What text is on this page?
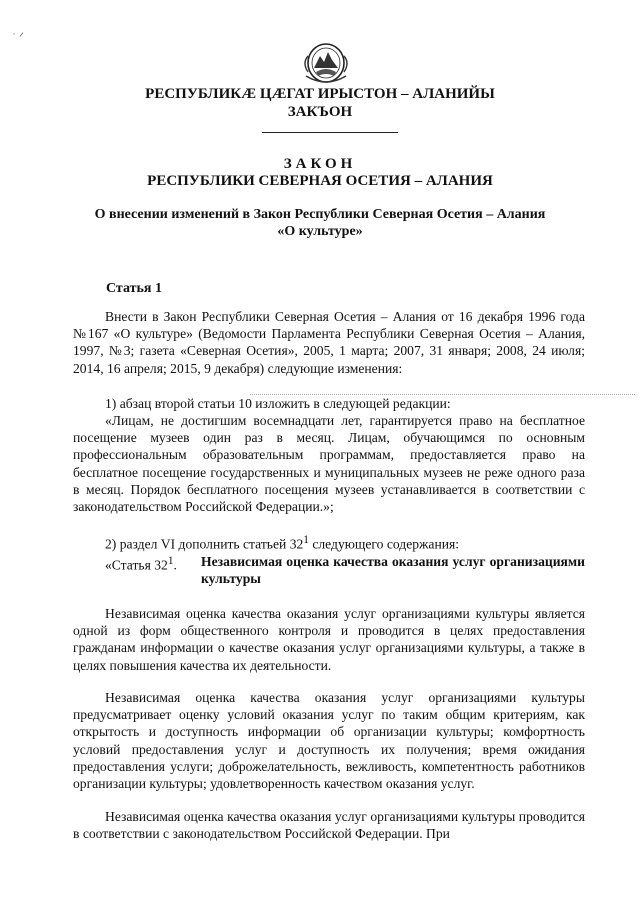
˙ ᐟ
РЕСПУБЛИКӔ ЦӔГАТ ИРЫСТОН – АЛАНИЙЫ
ЗАКЪОН
ЗАКОН
РЕСПУБЛИКИ СЕВЕРНАЯ ОСЕТИЯ – АЛАНИЯ
О внесении изменений в Закон Республики Северная Осетия – Алания
«О культуре»
Статья 1
Внести в Закон Республики Северная Осетия – Алания от 16 декабря 1996 года №167 «О культуре» (Ведомости Парламента Республики Северная Осетия – Алания, 1997, №3; газета «Северная Осетия», 2005, 1 марта; 2007, 31 января; 2008, 24 июля; 2014, 16 апреля; 2015, 9 декабря) следующие изменения:
1) абзац второй статьи 10 изложить в следующей редакции:
«Лицам, не достигшим восемнадцати лет, гарантируется право на бесплатное посещение музеев один раз в месяц. Лицам, обучающимся по основным профессиональным образовательным программам, предоставляется право на бесплатное посещение государственных и муниципальных музеев не реже одного раза в месяц. Порядок бесплатного посещения музеев устанавливается в соответствии с законодательством Российской Федерации.»;
2) раздел VI дополнить статьей $32^1$ следующего содержания:
«Статья $32^1$. Независимая оценка качества оказания услуг организациями культуры
Независимая оценка качества оказания услуг организациями культуры является одной из форм общественного контроля и проводится в целях предоставления гражданам информации о качестве оказания услуг организациями культуры, а также в целях повышения качества их деятельности.
Независимая оценка качества оказания услуг организациями культуры предусматривает оценку условий оказания услуг по таким общим критериям, как открытость и доступность информации об организации культуры; комфортность условий предоставления услуг и доступность их получения; время ожидания предоставления услуги; доброжелательность, вежливость, компетентность работников организации культуры; удовлетворенность качеством оказания услуг.
Независимая оценка качества оказания услуг организациями культуры проводится в соответствии с законодательством Российской Федерации. При
